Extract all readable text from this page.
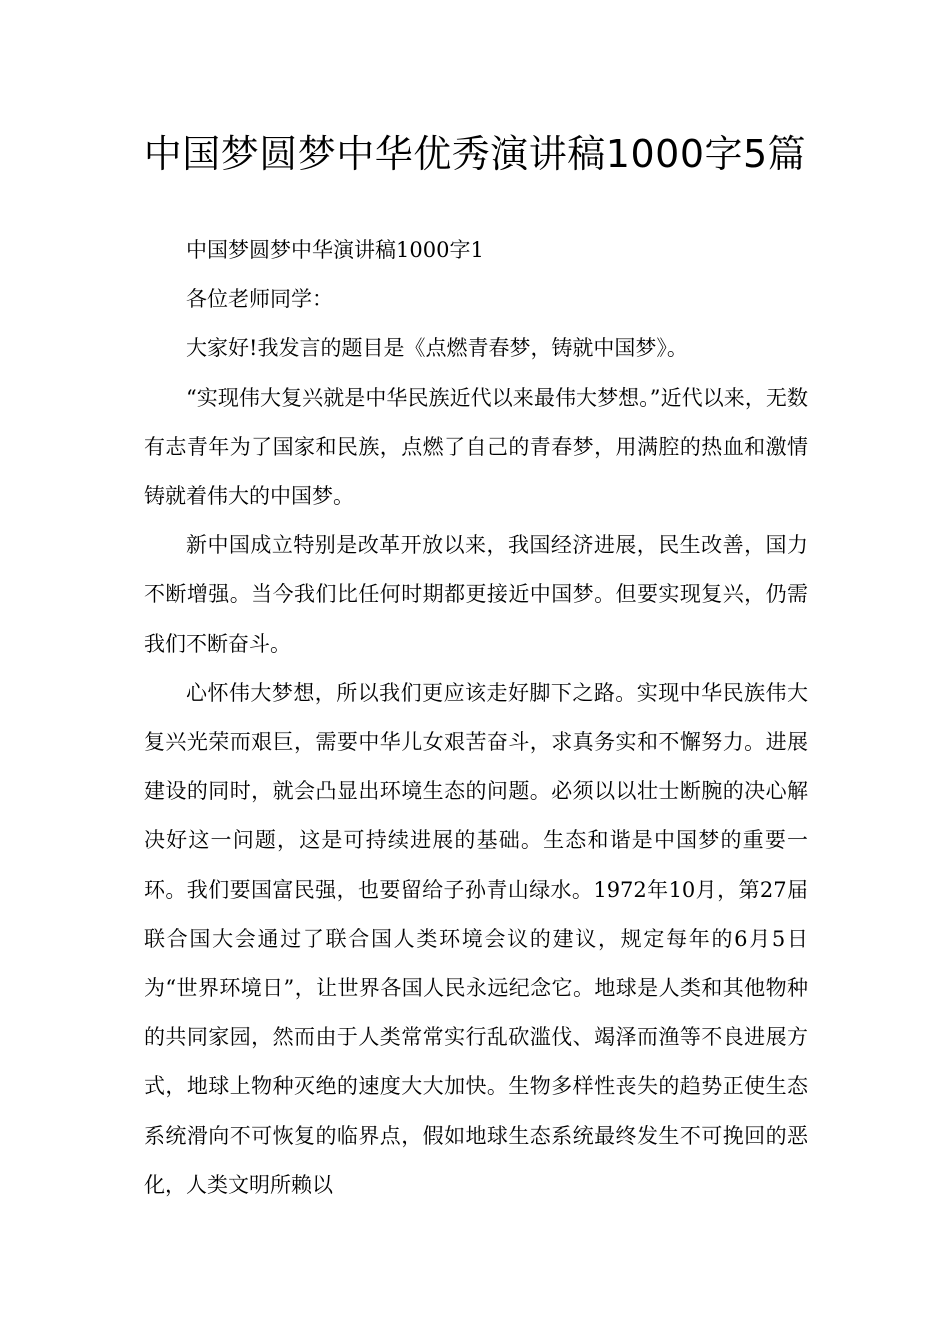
中国梦圆梦中华优秀演讲稿1000字5篇

中国梦圆梦中华演讲稿1000字1

各位老师同学：

大家好!我发言的题目是《点燃青春梦，铸就中国梦》。

“实现伟大复兴就是中华民族近代以来最伟大梦想。”近代以来，无数有志青年为了国家和民族，点燃了自己的青春梦，用满腔的热血和激情铸就着伟大的中国梦。

新中国成立特别是改革开放以来，我国经济进展，民生改善，国力不断增强。当今我们比任何时期都更接近中国梦。但要实现复兴，仍需我们不断奋斗。

心怀伟大梦想，所以我们更应该走好脚下之路。实现中华民族伟大复兴光荣而艰巨，需要中华儿女艰苦奋斗，求真务实和不懈努力。进展建设的同时，就会凸显出环境生态的问题。必须以以壮士断腕的决心解决好这一问题，这是可持续进展的基础。生态和谐是中国梦的重要一环。我们要国富民强，也要留给子孙青山绿水。1972年10月，第27届联合国大会通过了联合国人类环境会议的建议，规定每年的6月5日为“世界环境日”，让世界各国人民永远纪念它。地球是人类和其他物种的共同家园，然而由于人类常常实行乱砍滥伐、竭泽而渔等不良进展方式，地球上物种灭绝的速度大大加快。生物多样性丧失的趋势正使生态系统滑向不可恢复的临界点，假如地球生态系统最终发生不可挽回的恶化，人类文明所赖以
